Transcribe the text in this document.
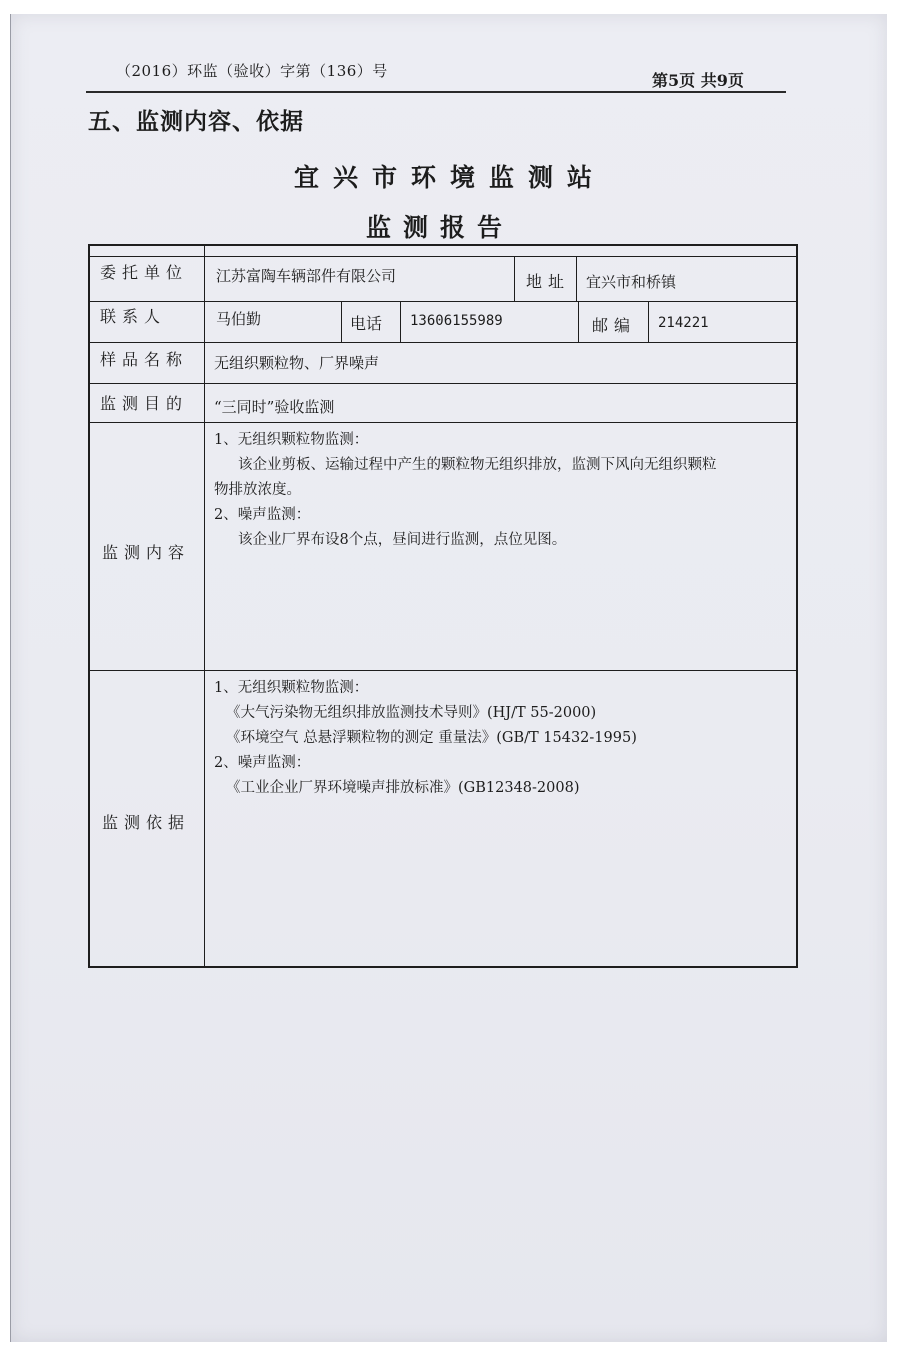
（2016）环监（验收）字第（136）号	第5页 共9页
五、监测内容、依据
宜兴市环境监测站
监测报告
委托单位 江苏富陶车辆部件有限公司	地址 宜兴市和桥镇
联系人	马伯勤	电话 13606155989	邮编 214221
样品名称 无组织颗粒物、厂界噪声
监测目的 “三同时”验收监测
监测内容

1、无组织颗粒物监测：

该企业剪板、运输过程中产生的颗粒物无组织排放，监测下风向无组织颗粒

物排放浓度。

2、噪声监测：

该企业厂界布设8个点，昼间进行监测，点位见图。

监测依据

1、无组织颗粒物监测：

《大气污染物无组织排放监测技术导则》(HJ/T 55-2000)

《环境空气 总悬浮颗粒物的测定 重量法》(GB/T 15432-1995)

2、噪声监测：

《工业企业厂界环境噪声排放标准》(GB12348-2008)
